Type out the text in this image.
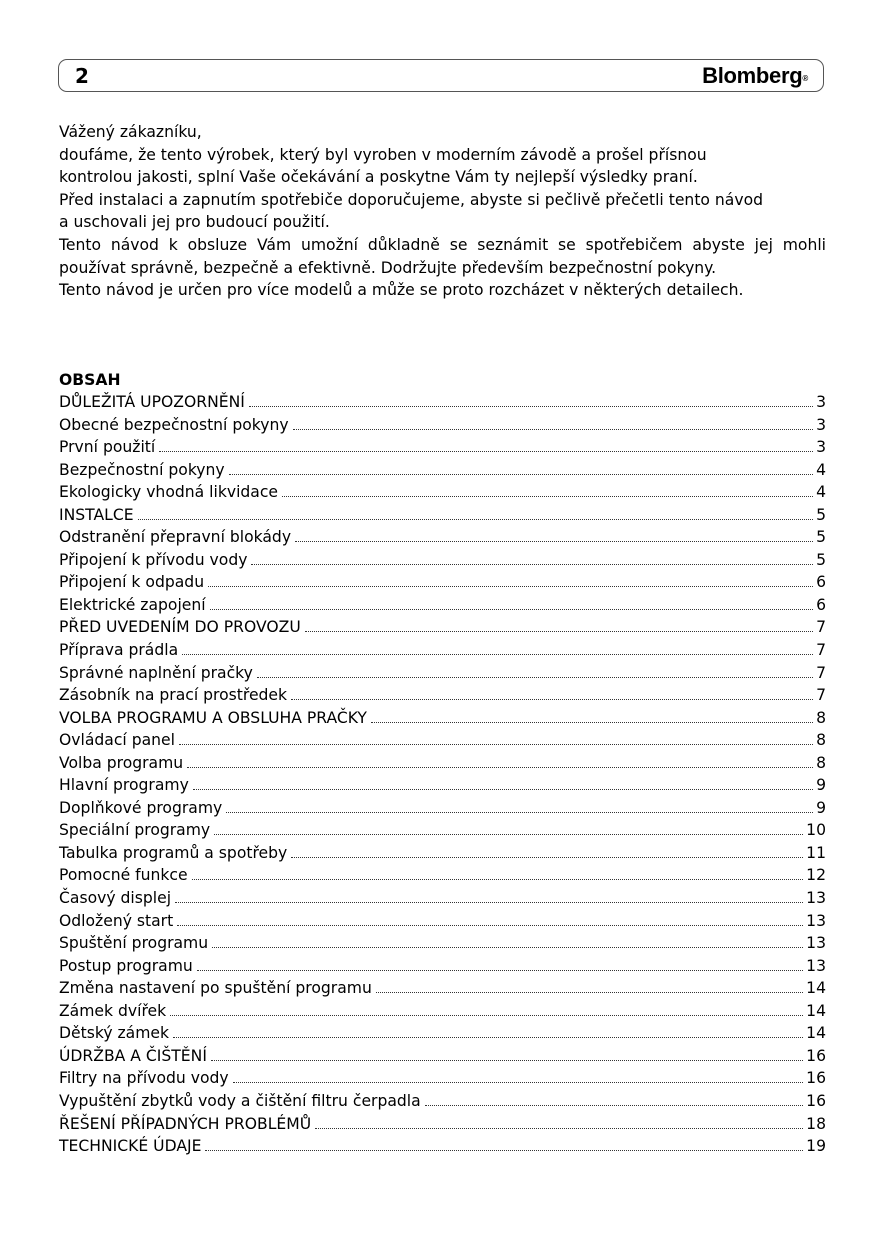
2	Blomberg®

Vážený zákazníku,

doufáme, že tento výrobek, který byl vyroben v moderním závodě a prošel přísnou

kontrolou jakosti, splní Vaše očekávání a poskytne Vám ty nejlepší výsledky praní.

Před instalaci a zapnutím spotřebiče doporučujeme, abyste si pečlivě přečetli tento návod

a uschovali jej pro budoucí použití.

Tento návod k obsluze Vám umožní důkladně se seznámit se spotřebičem abyste jej mohli používat správně, bezpečně a efektivně. Dodržujte především bezpečnostní pokyny.

Tento návod je určen pro více modelů a může se proto rozcházet v některých detailech.

OBSAH
DŮLEŽITÁ UPOZORNĚNÍ	3
Obecné bezpečnostní pokyny	3
První použití	3
Bezpečnostní pokyny	4
Ekologicky vhodná likvidace	4
INSTALCE	5
Odstranění přepravní blokády	5
Připojení k přívodu vody	5
Připojení k odpadu	6
Elektrické zapojení	6
PŘED UVEDENÍM DO PROVOZU	7
Příprava prádla	7
Správné naplnění pračky	7
Zásobník na prací prostředek	7
VOLBA PROGRAMU A OBSLUHA PRAČKY	8
Ovládací panel	8
Volba programu	8
Hlavní programy	9
Doplňkové programy	9
Speciální programy	10
Tabulka programů a spotřeby	11
Pomocné funkce	12
Časový displej	13
Odložený start	13
Spuštění programu	13
Postup programu	13
Změna nastavení po spuštění programu	14
Zámek dvířek	14
Dětský zámek	14
ÚDRŽBA A ČIŠTĚNÍ	16
Filtry na přívodu vody	16
Vypuštění zbytků vody a čištění filtru čerpadla	16
ŘEŠENÍ PŘÍPADNÝCH PROBLÉMŮ	18
TECHNICKÉ ÚDAJE	19
